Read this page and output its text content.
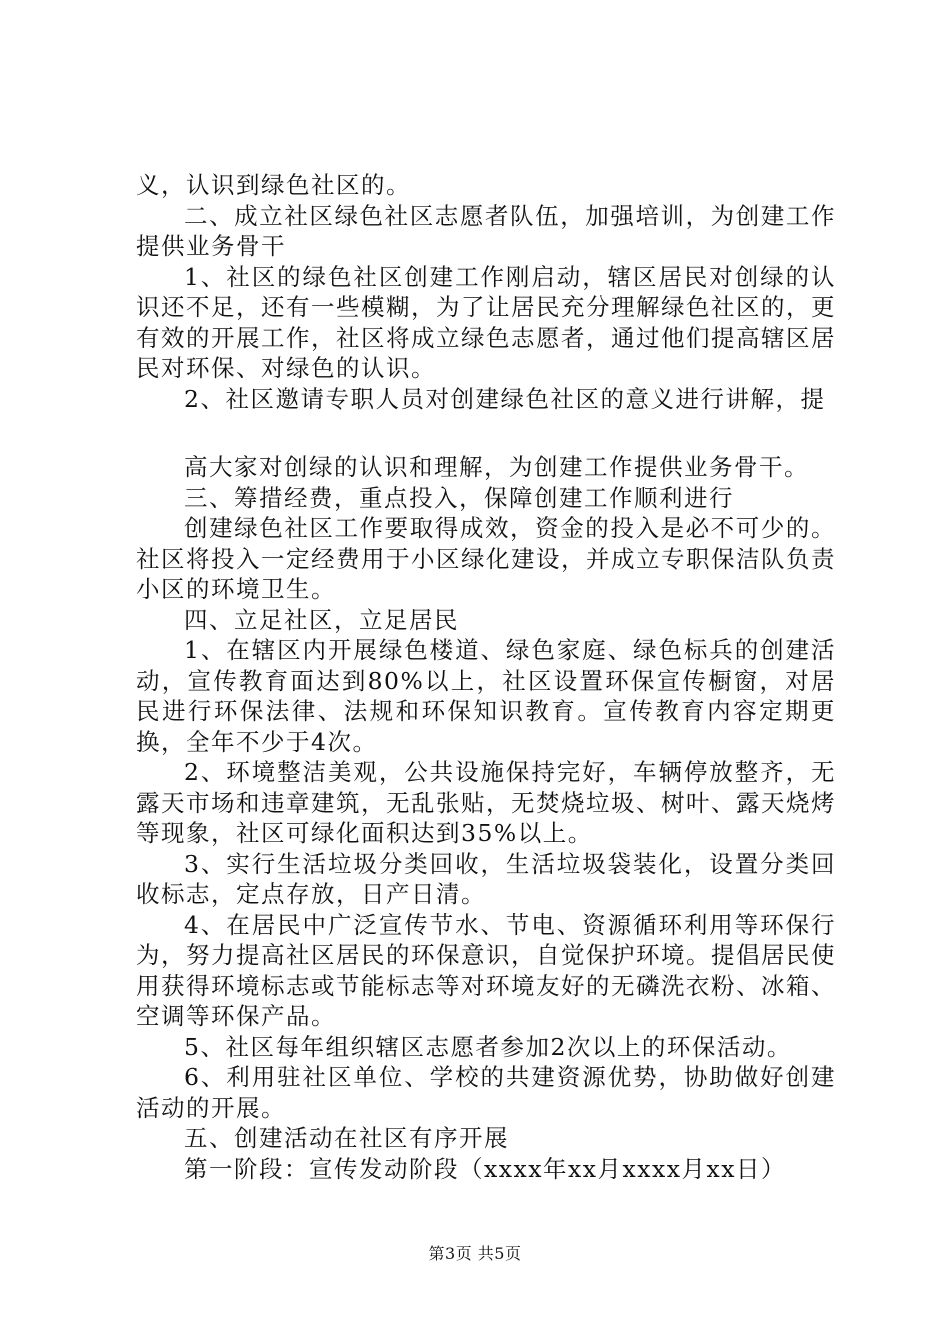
义，认识到绿色社区的。

二、成立社区绿色社区志愿者队伍，加强培训，为创建工作提供业务骨干

1、社区的绿色社区创建工作刚启动，辖区居民对创绿的认识还不足，还有一些模糊，为了让居民充分理解绿色社区的，更有效的开展工作，社区将成立绿色志愿者，通过他们提高辖区居民对环保、对绿色的认识。

2、社区邀请专职人员对创建绿色社区的意义进行讲解，提

高大家对创绿的认识和理解，为创建工作提供业务骨干。

三、筹措经费，重点投入，保障创建工作顺利进行

创建绿色社区工作要取得成效，资金的投入是必不可少的。社区将投入一定经费用于小区绿化建设，并成立专职保洁队负责小区的环境卫生。

四、立足社区，立足居民

1、在辖区内开展绿色楼道、绿色家庭、绿色标兵的创建活动，宣传教育面达到80%以上，社区设置环保宣传橱窗，对居民进行环保法律、法规和环保知识教育。宣传教育内容定期更换，全年不少于4次。

2、环境整洁美观，公共设施保持完好，车辆停放整齐，无露天市场和违章建筑，无乱张贴，无焚烧垃圾、树叶、露天烧烤等现象，社区可绿化面积达到35%以上。

3、实行生活垃圾分类回收，生活垃圾袋装化，设置分类回收标志，定点存放，日产日清。

4、在居民中广泛宣传节水、节电、资源循环利用等环保行为，努力提高社区居民的环保意识，自觉保护环境。提倡居民使用获得环境标志或节能标志等对环境友好的无磷洗衣粉、冰箱、空调等环保产品。

5、社区每年组织辖区志愿者参加2次以上的环保活动。

6、利用驻社区单位、学校的共建资源优势，协助做好创建活动的开展。

五、创建活动在社区有序开展

第一阶段：宣传发动阶段（xxxx年xx月xxxx月xx日）

第3页 共5页
